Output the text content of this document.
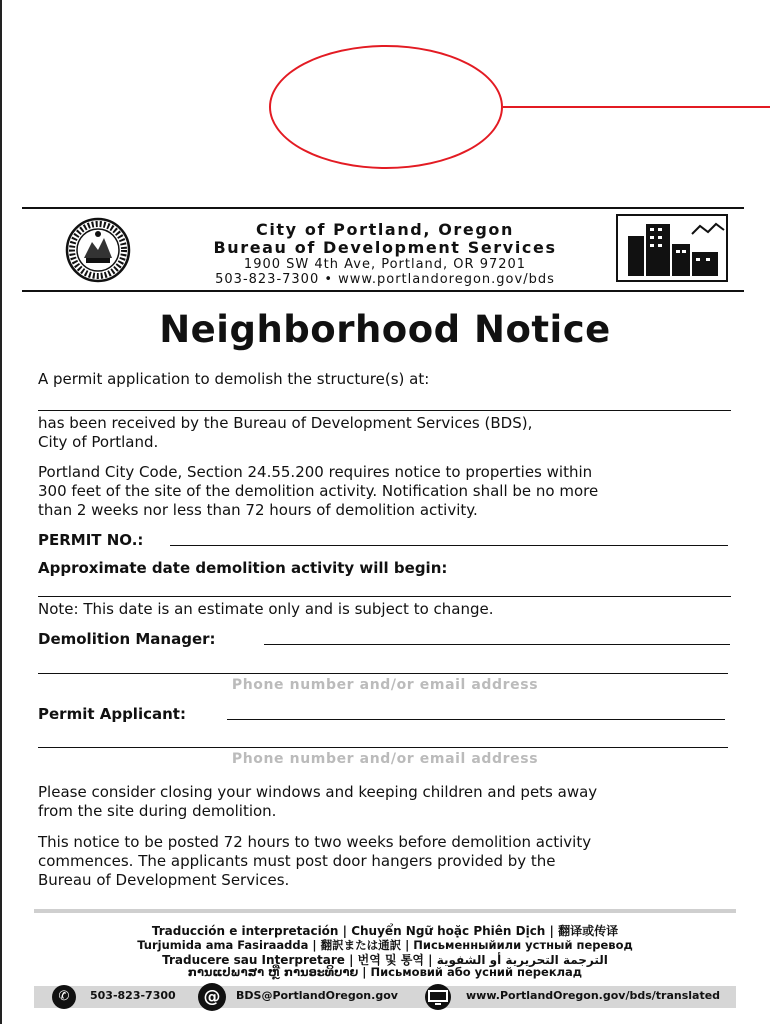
City of Portland, Oregon
Bureau of Development Services
1900 SW 4th Ave, Portland, OR 97201
503-823-7300 • www.portlandoregon.gov/bds
Neighborhood Notice
A permit application to demolish the structure(s) at:
has been received by the Bureau of Development Services (BDS),
City of Portland.
Portland City Code, Section 24.55.200 requires notice to properties within
300 feet of the site of the demolition activity. Notification shall be no more
than 2 weeks nor less than 72 hours of demolition activity.
PERMIT NO.:
Approximate date demolition activity will begin:
Note: This date is an estimate only and is subject to change.
Demolition Manager:
Phone number and/or email address
Permit Applicant:
Phone number and/or email address
Please consider closing your windows and keeping children and pets away
from the site during demolition.
This notice to be posted 72 hours to two weeks before demolition activity
commences. The applicants must post door hangers provided by the
Bureau of Development Services.
Traducción e interpretación | Chuyển Ngữ hoặc Phiên Dịch | 翻译或传译
Turjumida ama Fasiraadda | 翻訳または通訳 | Письменныйили устный перевод
Traducere sau Interpretare | 번역 및 통역 | الترجمة التحريرية أو الشفوية
ການແປພາສາ ຫຼື ການອະທິບາຍ | Письмовий або усний переклад
✆	503-823-7300	@	BDS@PortlandOregon.gov	www.PortlandOregon.gov/bds/translated
